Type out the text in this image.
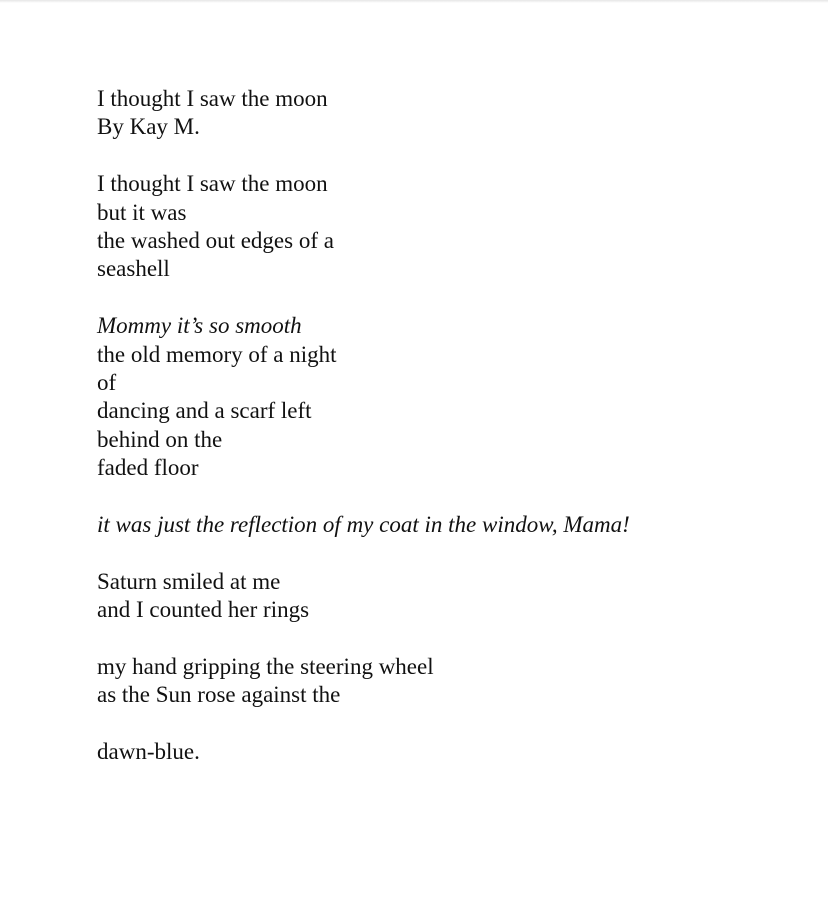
I thought I saw the moon
By Kay M.
I thought I saw the moon
but it was
the washed out edges of a
seashell
Mommy it’s so smooth
the old memory of a night
of
dancing and a scarf left
behind on the
faded floor
it was just the reflection of my coat in the window, Mama!
Saturn smiled at me
and I counted her rings
my hand gripping the steering wheel
as the Sun rose against the
dawn-blue.
